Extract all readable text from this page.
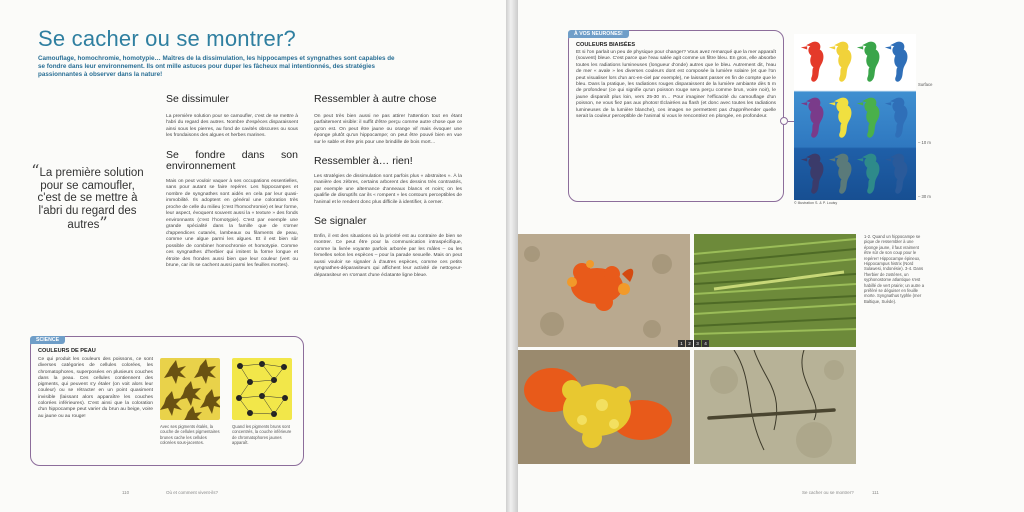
Se cacher ou se montrer?

Camouflage, homochromie, homotypie… Maîtres de la dissimulation, les hippocampes et syngnathes sont capables de se fondre dans leur environnement. Ils ont mille astuces pour duper les fâcheux mal intentionnés, des stratégies passionnantes à observer dans la nature!

“La première solution pour se camoufler, c'est de se mettre à l'abri du regard des autres”
Se dissimuler

La première solution pour se camoufler, c'est de se mettre à l'abri du regard des autres. Nombre d'espèces disparaissent ainsi sous les pierres, au fond de cavités obscures ou sous les frondaisons des algues et herbes marines.

Se fondre dans son environnement

Mais on peut vouloir vaquer à ses occupations essentielles, sans pour autant se faire repérer. Les hippocampes et nombre de syngnathes sont aidés en cela par leur quasi-immobilité. Ils adoptent en général une coloration très proche de celle du milieu (c'est l'homochromie) et leur forme, leur aspect, évoquent souvent aussi la « texture » des fonds environnants (c'est l'homotypie). C'est par exemple une grande spécialité dans la famille que de s'orner d'appendices cutanés, lambeaux ou filaments de peau, comme une algue parmi les algues. Et il est bien sûr possible de combiner homochromie et homotypie. Comme ces syngnathes d'herbier qui imitent la forme longue et étroite des frondes aussi bien que leur couleur (vert ou brune, car ils se cachent aussi parmi les feuilles mortes).

Ressembler à autre chose

On peut très bien aussi ne pas attirer l'attention tout en étant parfaitement visible: il suffit d'être perçu comme autre chose que ce qu'on est. On peut être jaune ou orange vif mais évoquer une éponge plutôt qu'un hippocampe; on peut être pouvé bien en vue sur le sable et être pris pour une brindille de bois mort…

Ressembler à… rien!

Les stratégies de dissimulation sont parfois plus « abstraites ». À la manière des zèbres, certains arborent des dessins très contrastés, par exemple une alternance d'anneaux blancs et noirs; on les qualifie de disruptifs car ils « rompent » les contours perceptibles de l'animal et le rendent donc plus difficile à identifier, à cerner.

Se signaler

Enfin, il est des situations où la priorité est au contraire de bien se montrer. Ce peut être pour la communication intraspécifique, comme la livrée voyante parfois arborée par les mâles – ou les femelles selon les espèces – pour la parade sexuelle. Mais on peut aussi vouloir se signaler à d'autres espèces, comme ces petits syngnathes-déparasiteurs qui affichent leur activité de nettoyeur-déparasiteur en s'ornant d'une éclatante ligne bleue.

SCIENCE
COULEURS DE PEAU

Ce qui produit les couleurs des poissons, ce sont diverses catégories de cellules colorées, les chromatophores, superposées en plusieurs couches dans la peau. Ces cellules contiennent des pigments, qui peuvent s'y étaler (on voit alors leur couleur) ou se rétracter en un point quasiment invisible (laissant alors apparaître les couches colorées inférieures). C'est ainsi que la coloration d'un hippocampe peut varier du brun au beige, voire au jaune ou au rouge!

Avec ses pigments étalés, la couche de cellules pigmentaires brunes cache les cellules colorées sous-jacentes.

Quand les pigments bruns sont concentrés, la couche inférieure de chromatophores jaunes apparaît.

110	Où et comment vivent-ils?
À VOS NEURONES!
COULEURS BIAISÉES

Et si l'on parlait un peu de physique pour changer? Vous avez remarqué que la mer apparaît (souvent) bleue. C'est parce que l'eau salée agit comme un filtre bleu. En gros, elle absorbe toutes les radiations lumineuses (longueur d'onde) autres que le bleu. Autrement dit, l'eau de mer « avale » les diverses couleurs dont est composée la lumière solaire (et que l'on peut visualiser lors d'un arc-en-ciel par exemple), ne laissant passer en fin de compte que le bleu. Dans la pratique, les radiations rouges disparaissent de la lumière ambiante dès 5 m de profondeur (ce qui signifie qu'un poisson rouge sera perçu comme brun, voire noir), le jaune disparaît plus loin, vers 25-30 m… Pour imaginer l'efficacité du camouflage d'un poisson, ne vous fiez pas aux photos! Éclairées au flash (et donc avec toutes les radiations lumineuses de la lumière blanche), ces images ne permettent pas d'appréhender quelle serait la couleur perceptible de l'animal si vous le rencontriez en plongée, en profondeur.

Surface
– 10 m
– 30 m
© Illustration S. & P. Louisy
1	2	3	4

1-2. Quand un hippocampe se pique de ressembler à une éponge jaune, il faut vraiment être sûr de son coup pour le repérer! Hippocampe épineux, Hippocampus histrix (Nord Sulawesi, Indonésie). 3-4. Dans l'herbier de zostères, un syphonostome atlantique s'est habillé de vert prairie; un autre a préféré se déguiser en feuille morte. Syngnathus typhle (mer Baltique, Suède).

Se cacher ou se montrer?	111
